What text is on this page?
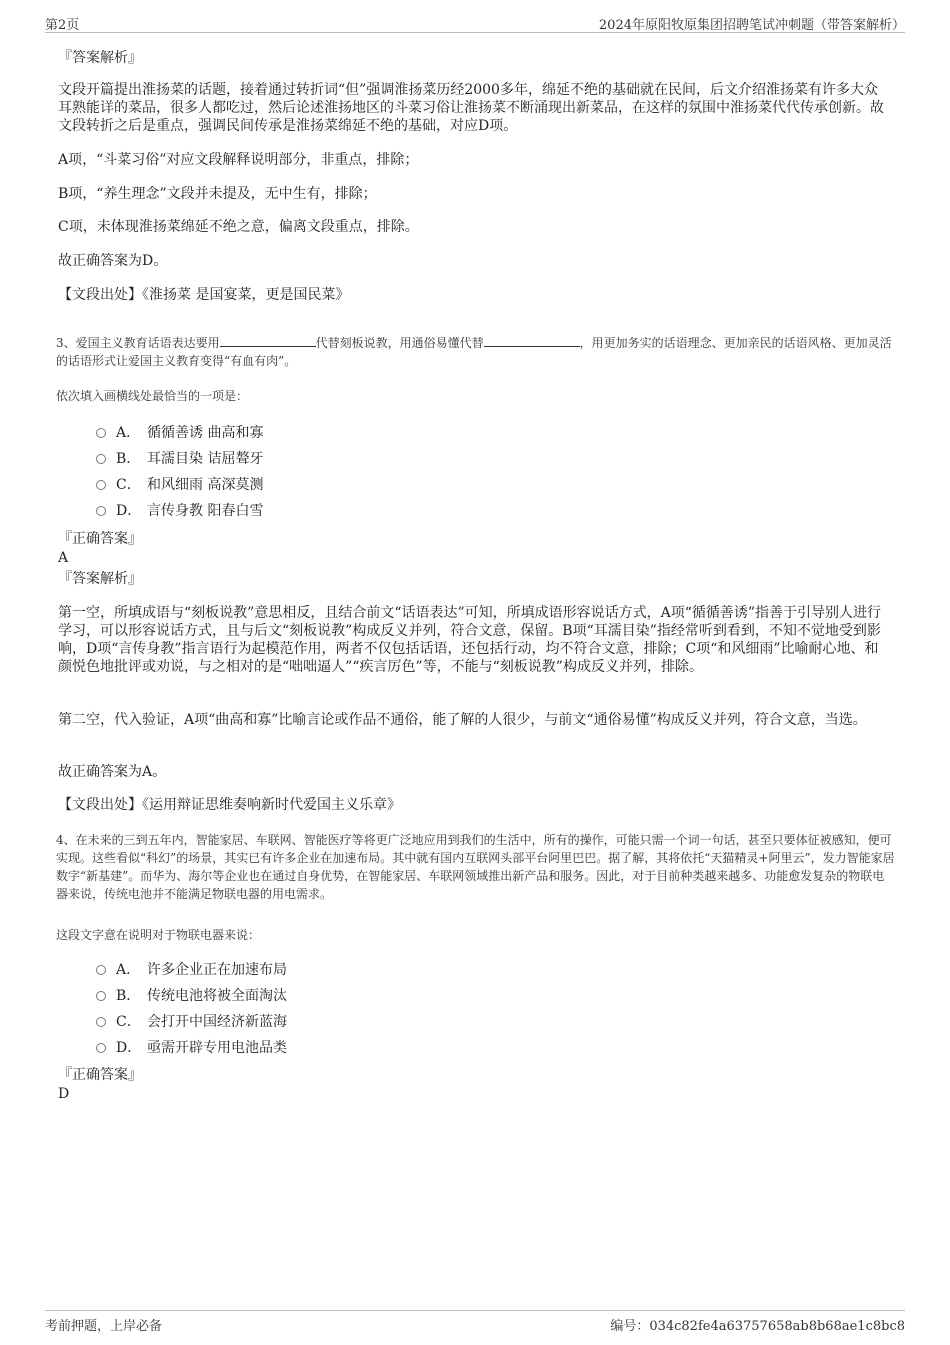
第2页	2024年原阳牧原集团招聘笔试冲刺题（带答案解析）

『答案解析』

文段开篇提出淮扬菜的话题，接着通过转折词“但”强调淮扬菜历经2000多年，绵延不绝的基础就在民间，后文介绍淮扬菜有许多大众耳熟能详的菜品，很多人都吃过，然后论述淮扬地区的斗菜习俗让淮扬菜不断涌现出新菜品，在这样的氛围中淮扬菜代代传承创新。故文段转折之后是重点，强调民间传承是淮扬菜绵延不绝的基础，对应D项。

A项，“斗菜习俗”对应文段解释说明部分，非重点，排除；

B项，“养生理念”文段并未提及，无中生有，排除；

C项，未体现淮扬菜绵延不绝之意，偏离文段重点，排除。

故正确答案为D。

【文段出处】《淮扬菜 是国宴菜，更是国民菜》

3、爱国主义教育话语表达要用	代替刻板说教，用通俗易懂代替	，用更加务实的话语理念、更加亲民的话语风格、更加灵活的话语形式让爱国主义教育变得“有血有肉”。

依次填入画横线处最恰当的一项是：

A． 循循善诱 曲高和寡
B． 耳濡目染 诘屈聱牙
C． 和风细雨 高深莫测
D． 言传身教 阳春白雪

『正确答案』

A

『答案解析』

第一空，所填成语与“刻板说教”意思相反，且结合前文“话语表达”可知，所填成语形容说话方式，A项“循循善诱”指善于引导别人进行学习，可以形容说话方式，且与后文“刻板说教”构成反义并列，符合文意，保留。B项“耳濡目染”指经常听到看到，不知不觉地受到影响，D项“言传身教”指言语行为起模范作用，两者不仅包括话语，还包括行动，均不符合文意，排除；C项“和风细雨”比喻耐心地、和颜悦色地批评或劝说，与之相对的是“咄咄逼人”“疾言厉色”等，不能与“刻板说教”构成反义并列，排除。

第二空，代入验证，A项“曲高和寡”比喻言论或作品不通俗，能了解的人很少，与前文“通俗易懂”构成反义并列，符合文意，当选。

故正确答案为A。

【文段出处】《运用辩证思维奏响新时代爱国主义乐章》

4、在未来的三到五年内，智能家居、车联网、智能医疗等将更广泛地应用到我们的生活中，所有的操作，可能只需一个词一句话，甚至只要体征被感知，便可实现。这些看似“科幻”的场景，其实已有许多企业在加速布局。其中就有国内互联网头部平台阿里巴巴。据了解，其将依托“天猫精灵+阿里云”，发力智能家居数字“新基建”。而华为、海尔等企业也在通过自身优势，在智能家居、车联网领域推出新产品和服务。因此，对于目前种类越来越多、功能愈发复杂的物联电器来说，传统电池并不能满足物联电器的用电需求。

这段文字意在说明对于物联电器来说：

A． 许多企业正在加速布局
B． 传统电池将被全面淘汰
C． 会打开中国经济新蓝海
D． 亟需开辟专用电池品类

『正确答案』

D

考前押题，上岸必备	编号：034c82fe4a63757658ab8b68ae1c8bc8
